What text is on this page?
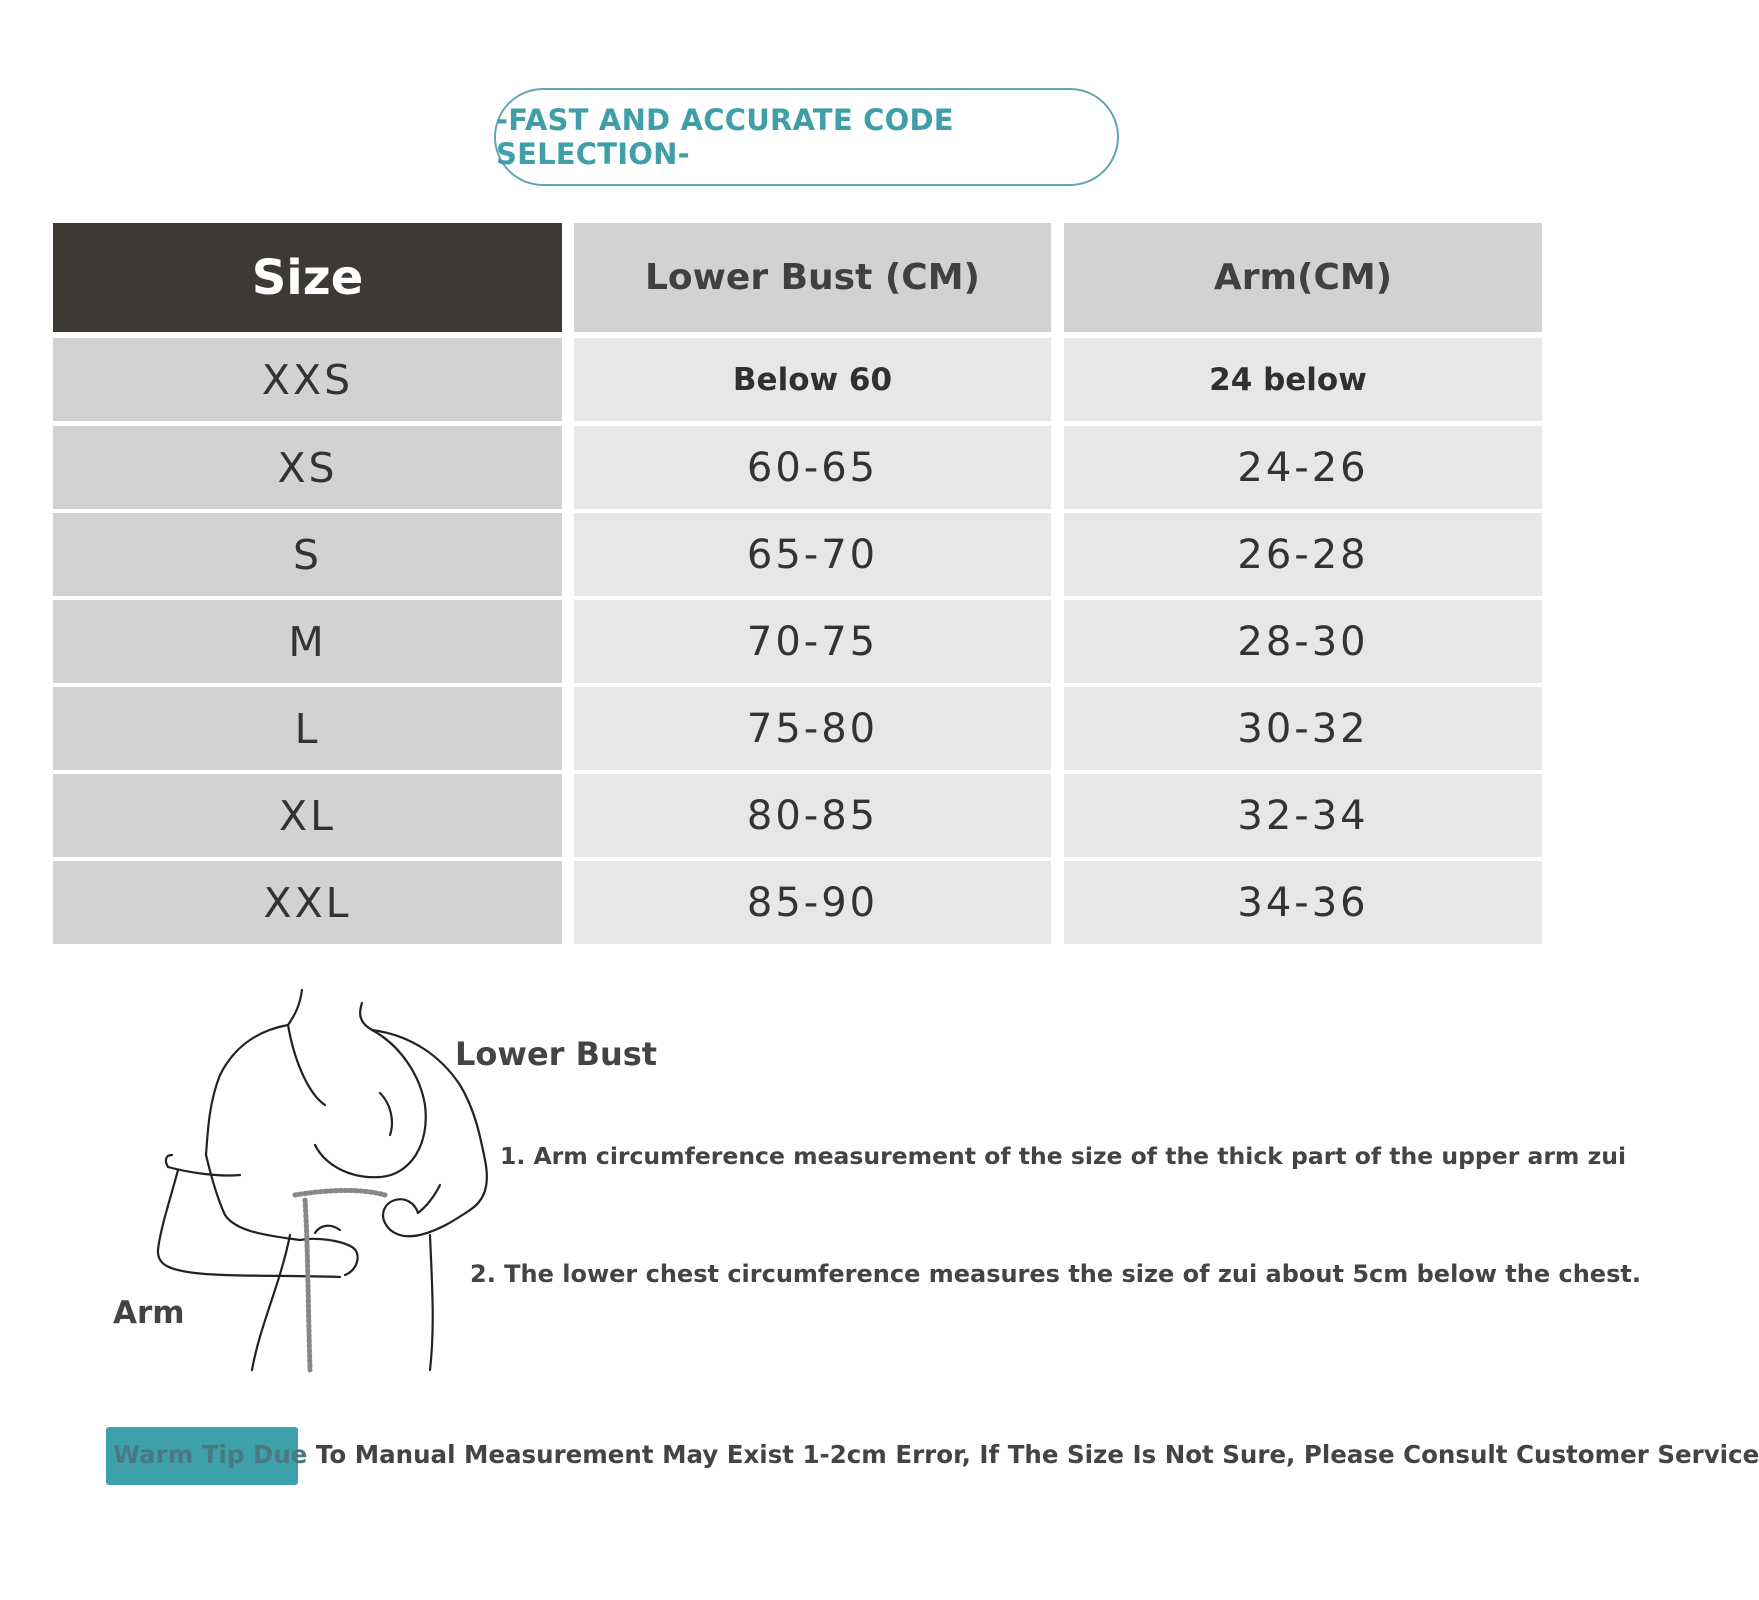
-FAST AND ACCURATE CODE SELECTION-
Size	Lower Bust (CM)	Arm(CM)
XXS	Below 60	24 below
XS	60-65	24-26
S	65-70	26-28
M	70-75	28-30
L	75-80	30-32
XL	80-85	32-34
XXL	85-90	34-36
Lower Bust
Arm
1. Arm circumference measurement of the size of the thick part of the upper arm zui
2. The lower chest circumference measures the size of zui about 5cm below the chest.
Warm Tip Due To Manual Measurement May Exist 1-2cm Error, If The Size Is Not Sure, Please Consult Customer Service
